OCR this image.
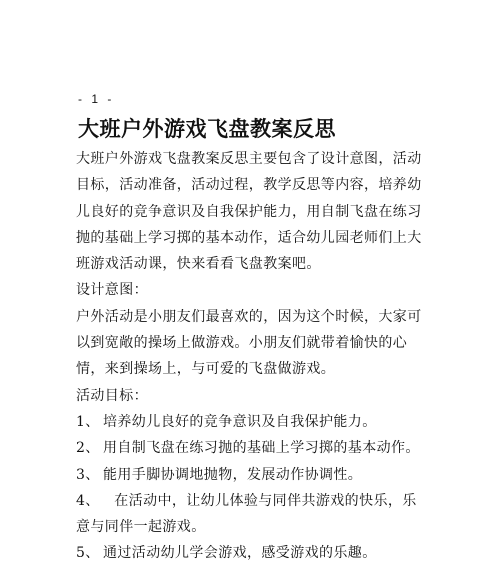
- 1 -
大班户外游戏飞盘教案反思

大班户外游戏飞盘教案反思主要包含了设计意图，活动目标，活动准备，活动过程，教学反思等内容，培养幼儿良好的竞争意识及自我保护能力，用自制飞盘在练习抛的基础上学习掷的基本动作，适合幼儿园老师们上大班游戏活动课，快来看看飞盘教案吧。

设计意图：

户外活动是小朋友们最喜欢的，因为这个时候，大家可以到宽敞的操场上做游戏。小朋友们就带着愉快的心情，来到操场上，与可爱的飞盘做游戏。

活动目标：

1、 培养幼儿良好的竞争意识及自我保护能力。
2、 用自制飞盘在练习抛的基础上学习掷的基本动作。
3、 能用手脚协调地抛物，发展动作协调性。

4、 在活动中，让幼儿体验与同伴共游戏的快乐，乐意与同伴一起游戏。

5、 通过活动幼儿学会游戏，感受游戏的乐趣。
